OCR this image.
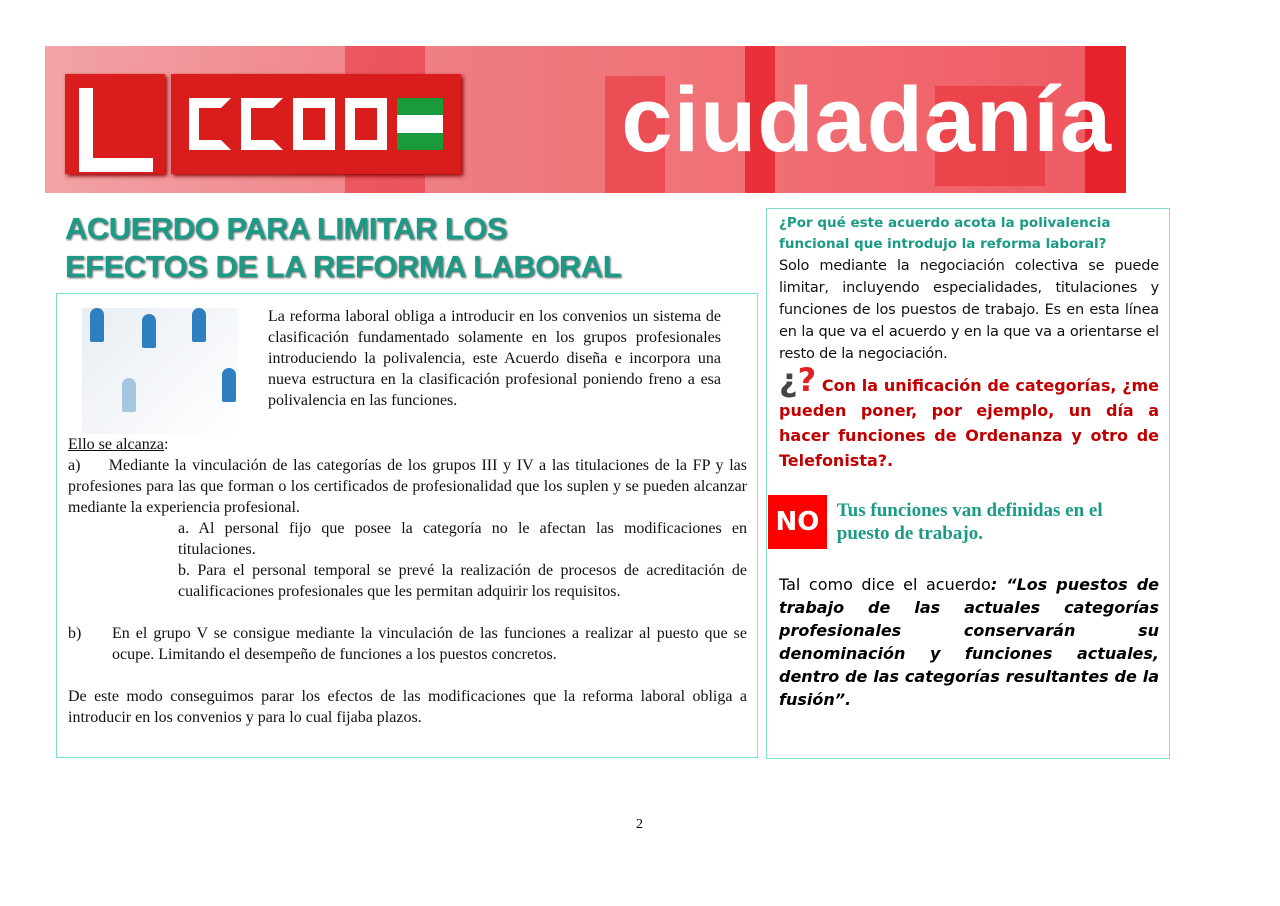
ciudadanía
ACUERDO PARA LIMITAR LOS
EFECTOS DE LA REFORMA LABORAL

La reforma laboral obliga a introducir en los convenios un sistema de clasificación fundamentado solamente en los grupos profesionales introduciendo la polivalencia, este Acuerdo diseña e incorpora una nueva estructura en la clasificación profesional poniendo freno a esa polivalencia en las funciones.

Ello se alcanza:

a)     Mediante la vinculación de las categorías de los grupos III y IV a las titulaciones de la FP y las profesiones para las que forman o los certificados de profesionalidad que los suplen y se pueden alcanzar mediante la experiencia profesional.

a. Al personal fijo que posee la categoría no le afectan las modificaciones en titulaciones.

b. Para el personal temporal se prevé la realización de procesos de acreditación de cualificaciones profesionales que les permitan adquirir los requisitos.

b) En el grupo V se consigue mediante la vinculación de las funciones a realizar al puesto que se ocupe. Limitando el desempeño de funciones a los puestos concretos.

De este modo conseguimos parar los efectos de las modificaciones que la reforma laboral obliga a introducir en los convenios y para lo cual fijaba plazos.

¿Por qué este acuerdo acota la polivalencia funcional que introdujo la reforma laboral?
Solo mediante la negociación colectiva se puede limitar, incluyendo especialidades, titulaciones y funciones de los puestos de trabajo. Es en esta línea en la que va el acuerdo y en la que va a orientarse el resto de la negociación.
¿? Con la unificación de categorías, ¿me pueden poner, por ejemplo, un día a hacer funciones de Ordenanza y otro de Telefonista?.
NO Tus funciones van definidas en el puesto de trabajo.
Tal como dice el acuerdo: “Los puestos de trabajo de las actuales categorías profesionales conservarán su denominación y funciones actuales, dentro de las categorías resultantes de la fusión”.
2
